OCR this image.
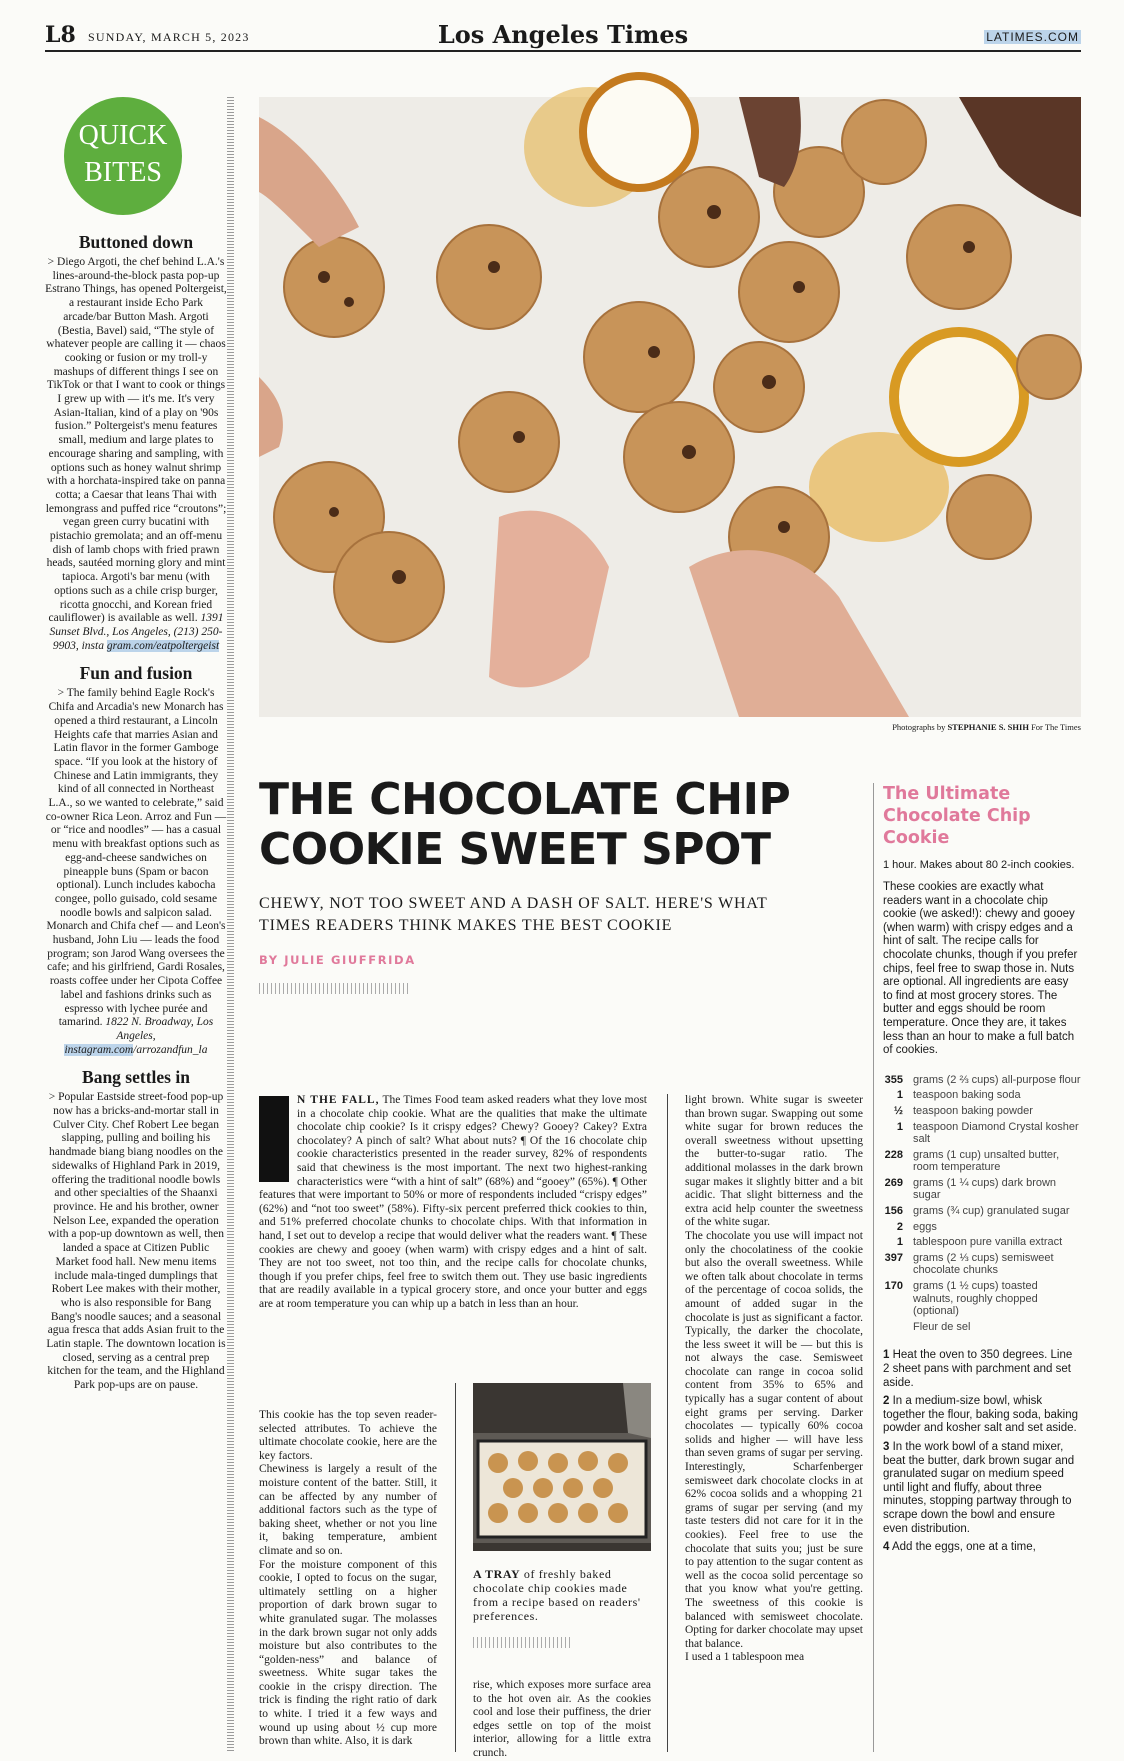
L8 SUNDAY, MARCH 5, 2023	Los Angeles Times	LATIMES.COM
QUICK
BITES
Buttoned down

> Diego Argoti, the chef behind L.A.'s lines-around-the-block pasta pop-up Estrano Things, has opened Poltergeist, a restaurant inside Echo Park arcade/bar Button Mash. Argoti (Bestia, Bavel) said, “The style of whatever people are calling it — chaos cooking or fusion or my troll-y mashups of different things I see on TikTok or that I want to cook or things I grew up with — it's me. It's very Asian-Italian, kind of a play on '90s fusion.” Poltergeist's menu features small, medium and large plates to encourage sharing and sampling, with options such as honey walnut shrimp with a horchata-inspired take on panna cotta; a Caesar that leans Thai with lemongrass and puffed rice “croutons”; vegan green curry bucatini with pistachio gremolata; and an off-menu dish of lamb chops with fried prawn heads, sautéed morning glory and mint tapioca. Argoti's bar menu (with options such as a chile crisp burger, ricotta gnocchi, and Korean fried cauliflower) is available as well. 1391 Sunset Blvd., Los Angeles, (213) 250-9903, insta gram.com/eatpoltergeist

Fun and fusion

> The family behind Eagle Rock's Chifa and Arcadia's new Monarch has opened a third restaurant, a Lincoln Heights cafe that marries Asian and Latin flavor in the former Gamboge space. “If you look at the history of Chinese and Latin immigrants, they kind of all connected in Northeast L.A., so we wanted to celebrate,” said co-owner Rica Leon. Arroz and Fun — or “rice and noodles” — has a casual menu with breakfast options such as egg-and-cheese sandwiches on pineapple buns (Spam or bacon optional). Lunch includes kabocha congee, pollo guisado, cold sesame noodle bowls and salpicon salad. Monarch and Chifa chef — and Leon's husband, John Liu — leads the food program; son Jarod Wang oversees the cafe; and his girlfriend, Gardi Rosales, roasts coffee under her Cipota Coffee label and fashions drinks such as espresso with lychee purée and tamarind. 1822 N. Broadway, Los Angeles, instagram.com/arrozandfun_la

Bang settles in

> Popular Eastside street-food pop-up now has a bricks-and-mortar stall in Culver City. Chef Robert Lee began slapping, pulling and boiling his handmade biang biang noodles on the sidewalks of Highland Park in 2019, offering the traditional noodle bowls and other specialties of the Shaanxi province. He and his brother, owner Nelson Lee, expanded the operation with a pop-up downtown as well, then landed a space at Citizen Public Market food hall. New menu items include mala-tinged dumplings that Robert Lee makes with their mother, who is also responsible for Bang Bang's noodle sauces; and a seasonal agua fresca that adds Asian fruit to the Latin staple. The downtown location is closed, serving as a central prep kitchen for the team, and the Highland Park pop-ups are on pause.

Photographs by STEPHANIE S. SHIH For The Times
THE CHOCOLATE CHIP COOKIE SWEET SPOT
CHEWY, NOT TOO SWEET AND A DASH OF SALT. HERE'S WHAT TIMES READERS THINK MAKES THE BEST COOKIE
BY JULIE GIUFFRIDA
N THE FALL, The Times Food team asked readers what they love most in a chocolate chip cookie. What are the qualities that make the ultimate chocolate chip cookie? Is it crispy edges? Chewy? Gooey? Cakey? Extra chocolatey? A pinch of salt? What about nuts? ¶ Of the 16 chocolate chip cookie characteristics presented in the reader survey, 82% of respondents said that chewiness is the most important. The next two highest-ranking characteristics were “with a hint of salt” (68%) and “gooey” (65%). ¶ Other features that were important to 50% or more of respondents included “crispy edges” (62%) and “not too sweet” (58%). Fifty-six percent preferred thick cookies to thin, and 51% preferred chocolate chunks to chocolate chips. With that information in hand, I set out to develop a recipe that would deliver what the readers want. ¶ These cookies are chewy and gooey (when warm) with crispy edges and a hint of salt. They are not too sweet, not too thin, and the recipe calls for chocolate chunks, though if you prefer chips, feel free to switch them out. They use basic ingredients that are readily available in a typical grocery store, and once your butter and eggs are at room temperature you can whip up a batch in less than an hour.
This cookie has the top seven reader-selected attributes. To achieve the ultimate chocolate cookie, here are the key factors.
Chewiness is largely a result of the moisture content of the batter. Still, it can be affected by any number of additional factors such as the type of baking sheet, whether or not you line it, baking temperature, ambient climate and so on.
For the moisture component of this cookie, I opted to focus on the sugar, ultimately settling on a higher proportion of dark brown sugar to white granulated sugar. The molasses in the dark brown sugar not only adds moisture but also contributes to the “golden-ness” and balance of sweetness. White sugar takes the cookie in the crispy direction. The trick is finding the right ratio of dark to white. I tried it a few ways and wound up using about ½ cup more brown than white. Also, it is dark
A TRAY of freshly baked chocolate chip cookies made from a recipe based on readers' preferences.
rise, which exposes more surface area to the hot oven air. As the cookies cool and lose their puffiness, the drier edges settle on top of the moist interior, allowing for a little extra crunch.
light brown. White sugar is sweeter than brown sugar. Swapping out some white sugar for brown reduces the overall sweetness without upsetting the butter-to-sugar ratio. The additional molasses in the dark brown sugar makes it slightly bitter and a bit acidic. That slight bitterness and the extra acid help counter the sweetness of the white sugar.
The chocolate you use will impact not only the chocolatiness of the cookie but also the overall sweetness. While we often talk about chocolate in terms of the percentage of cocoa solids, the amount of added sugar in the chocolate is just as significant a factor. Typically, the darker the chocolate, the less sweet it will be — but this is not always the case. Semisweet chocolate can range in cocoa solid content from 35% to 65% and typically has a sugar content of about eight grams per serving. Darker chocolates — typically 60% cocoa solids and higher — will have less than seven grams of sugar per serving. Interestingly, Scharfenberger semisweet dark chocolate clocks in at 62% cocoa solids and a whopping 21 grams of sugar per serving (and my taste testers did not care for it in the cookies). Feel free to use the chocolate that suits you; just be sure to pay attention to the sugar content as well as the cocoa solid percentage so that you know what you're getting. The sweetness of this cookie is balanced with semisweet chocolate. Opting for darker chocolate may upset that balance.
I used a 1 tablespoon mea
The Ultimate Chocolate Chip Cookie
1 hour. Makes about 80 2-inch cookies.
These cookies are exactly what readers want in a chocolate chip cookie (we asked!): chewy and gooey (when warm) with crispy edges and a hint of salt. The recipe calls for chocolate chunks, though if you prefer chips, feel free to swap those in. Nuts are optional. All ingredients are easy to find at most grocery stores. The butter and eggs should be room temperature. Once they are, it takes less than an hour to make a full batch of cookies.
355 grams (2 ⅔ cups) all-purpose flour
1 teaspoon baking soda
½ teaspoon baking powder
1 teaspoon Diamond Crystal kosher salt
228 grams (1 cup) unsalted butter, room temperature
269 grams (1 ¼ cups) dark brown sugar
156 grams (¾ cup) granulated sugar
2 eggs
1 tablespoon pure vanilla extract
397 grams (2 ⅓ cups) semisweet chocolate chunks
170 grams (1 ½ cups) toasted walnuts, roughly chopped (optional)
Fleur de sel
1 Heat the oven to 350 degrees. Line 2 sheet pans with parchment and set aside.
2 In a medium-size bowl, whisk together the flour, baking soda, baking powder and kosher salt and set aside.
3 In the work bowl of a stand mixer, beat the butter, dark brown sugar and granulated sugar on medium speed until light and fluffy, about three minutes, stopping partway through to scrape down the bowl and ensure even distribution.
4 Add the eggs, one at a time,
